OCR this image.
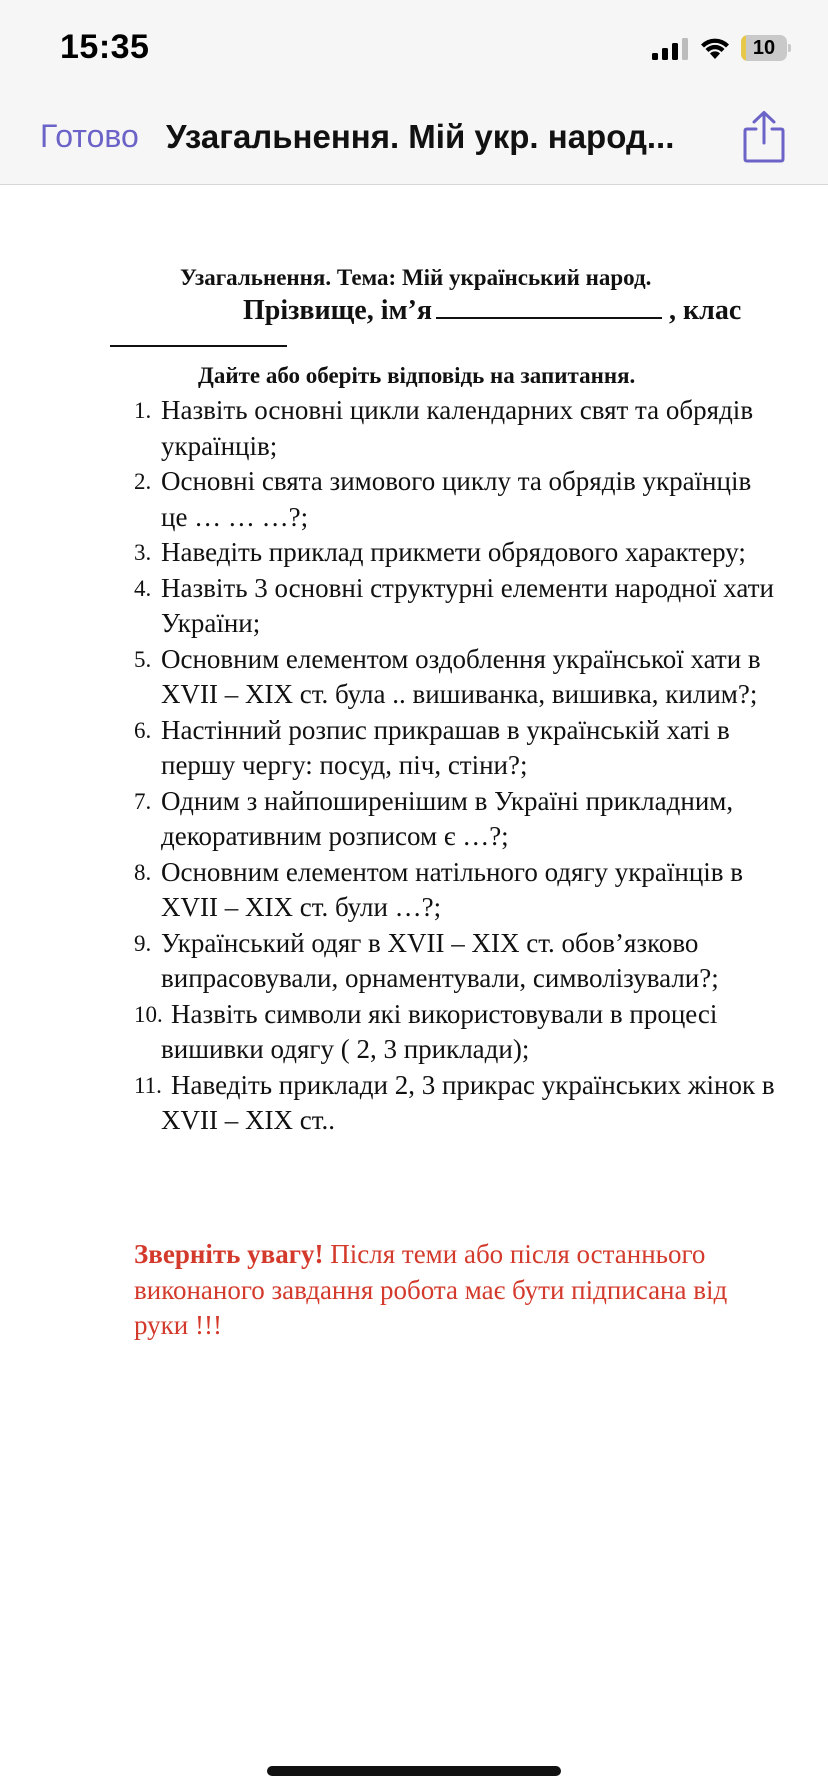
15:35	10
Готово Узагальнення. Мій укр. народ...
Узагальнення. Тема: Мій український народ.
Прізвище, ім’я	, клас
Дайте або оберіть відповідь на запитання.
1. Назвіть основні цикли календарних свят та обрядів українців;
2. Основні свята зимового циклу та обрядів українців це … … …?;
3. Наведіть приклад прикмети обрядового характеру;
4. Назвіть 3 основні структурні елементи народної хати України;
5. Основним елементом оздоблення української хати в XVII – XIX ст. була .. вишиванка, вишивка, килим?;
6. Настінний розпис прикрашав в українській хаті в першу чергу: посуд, піч, стіни?;
7. Одним з найпоширенішим в Україні прикладним, декоративним розписом є …?;
8. Основним елементом натільного одягу українців в XVII – XIX ст. були …?;
9. Український одяг в XVII – XIX ст. обов’язково випрасовували, орнаментували, символізували?;
10. Назвіть символи які використовували в процесі вишивки одягу ( 2, 3 приклади);
11. Наведіть приклади 2, 3 прикрас українських жінок в XVII – XIX ст..
Зверніть увагу! Після теми або після останнього виконаного завдання робота має бути підписана від руки !!!
